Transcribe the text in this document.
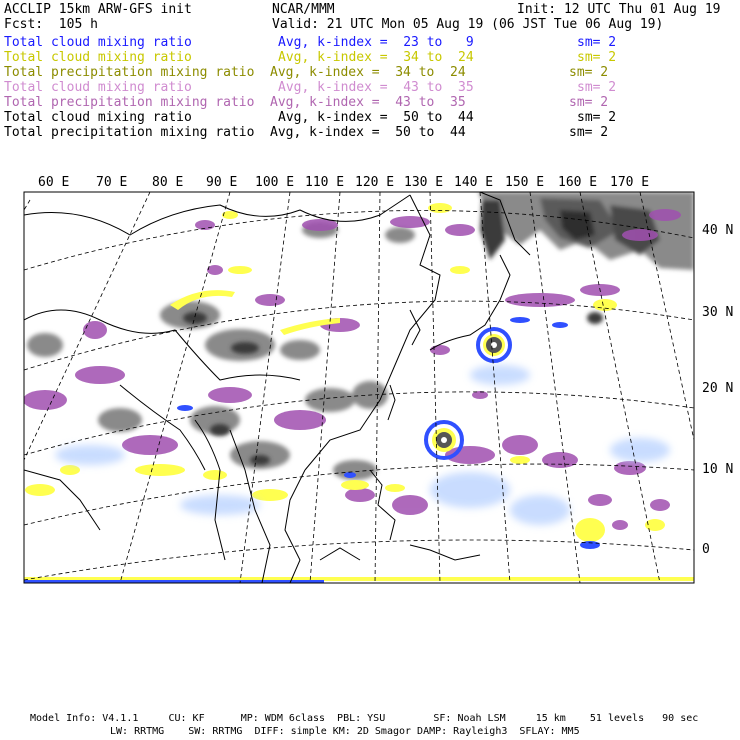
ACCLIP 15km ARW-GFS init	NCAR/MMM	Init: 12 UTC Thu 01 Aug 19
Fcst:  105 h	Valid: 21 UTC Mon 05 Aug 19 (06 JST Tue 06 Aug 19)
Total cloud mixing ratio	Avg, k-index =  23 to   9	sm= 2
Total cloud mixing ratio	Avg, k-index =  34 to  24	sm= 2
Total precipitation mixing ratio Avg, k-index =  34 to  24	sm= 2
Total cloud mixing ratio	Avg, k-index =  43 to  35	sm= 2
Total precipitation mixing ratio Avg, k-index =  43 to  35	sm= 2
Total cloud mixing ratio	Avg, k-index =  50 to  44	sm= 2
Total precipitation mixing ratio Avg, k-index =  50 to  44	sm= 2
60 E 70 E 80 E 90 E 100 E 110 E 120 E 130 E 140 E 150 E 160 E 170 E
40 N
30 N
20 N
10 N
0
Model Info: V4.1.1     CU: KF      MP: WDM 6class  PBL: YSU        SF: Noah LSM     15 km    51 levels   90 sec
LW: RRTMG    SW: RRTMG  DIFF: simple KM: 2D Smagor DAMP: Rayleigh3  SFLAY: MM5
